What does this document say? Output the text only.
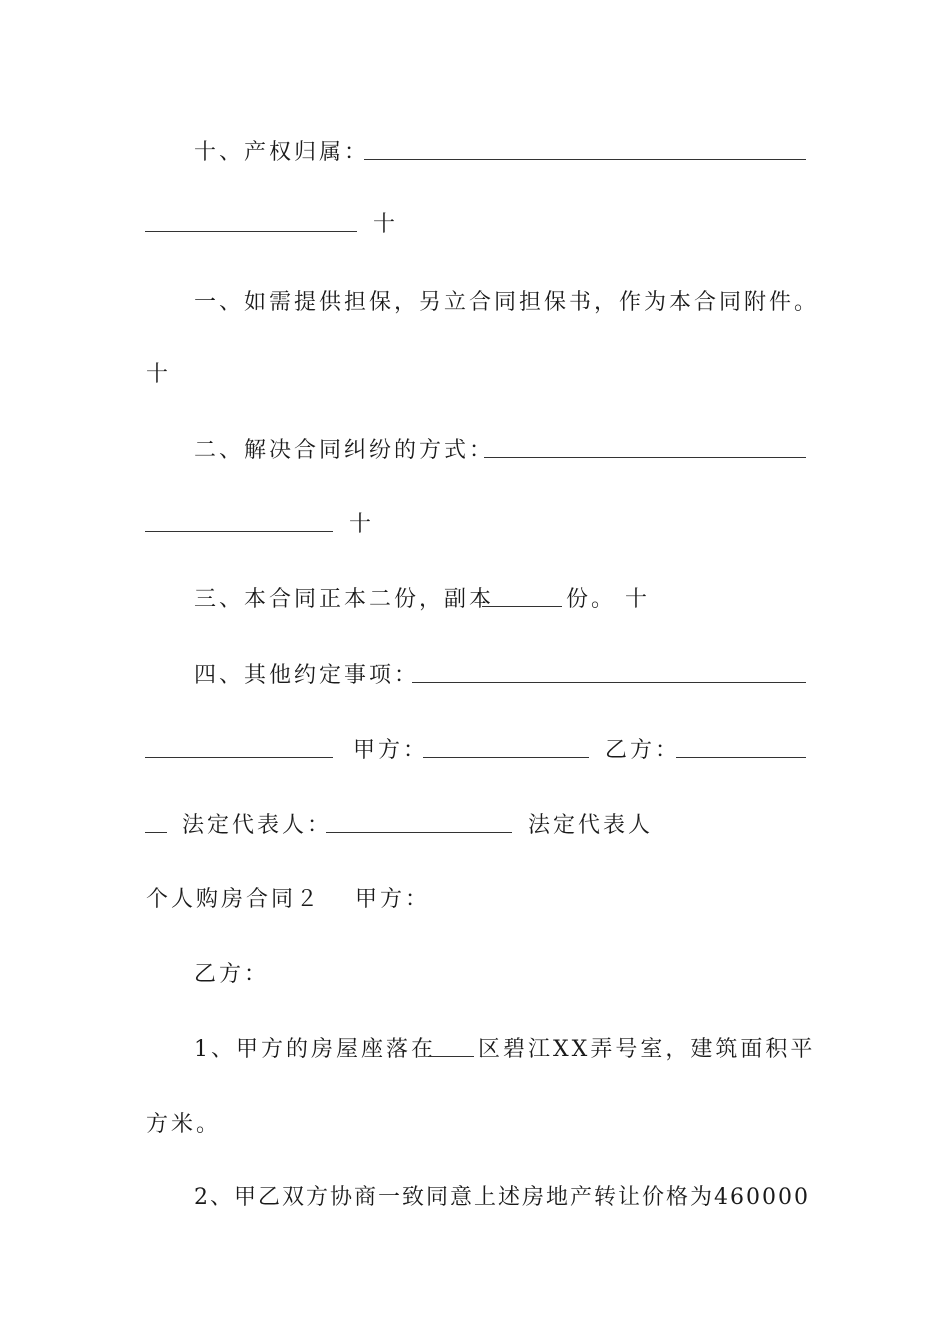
十、产权归属：
十
一、如需提供担保，另立合同担保书，作为本合同附件。
十
二、解决合同纠纷的方式：
十
三、本合同正本二份，副本	份。 十
四、其他约定事项：
甲方：	乙方：
法定代表人：	法定代表人
个人购房合同２ 甲方：
乙方：
1、甲方的房屋座落在 区碧江XX弄号室，建筑面积平
方米。
2、甲乙双方协商一致同意上述房地产转让价格为460000
